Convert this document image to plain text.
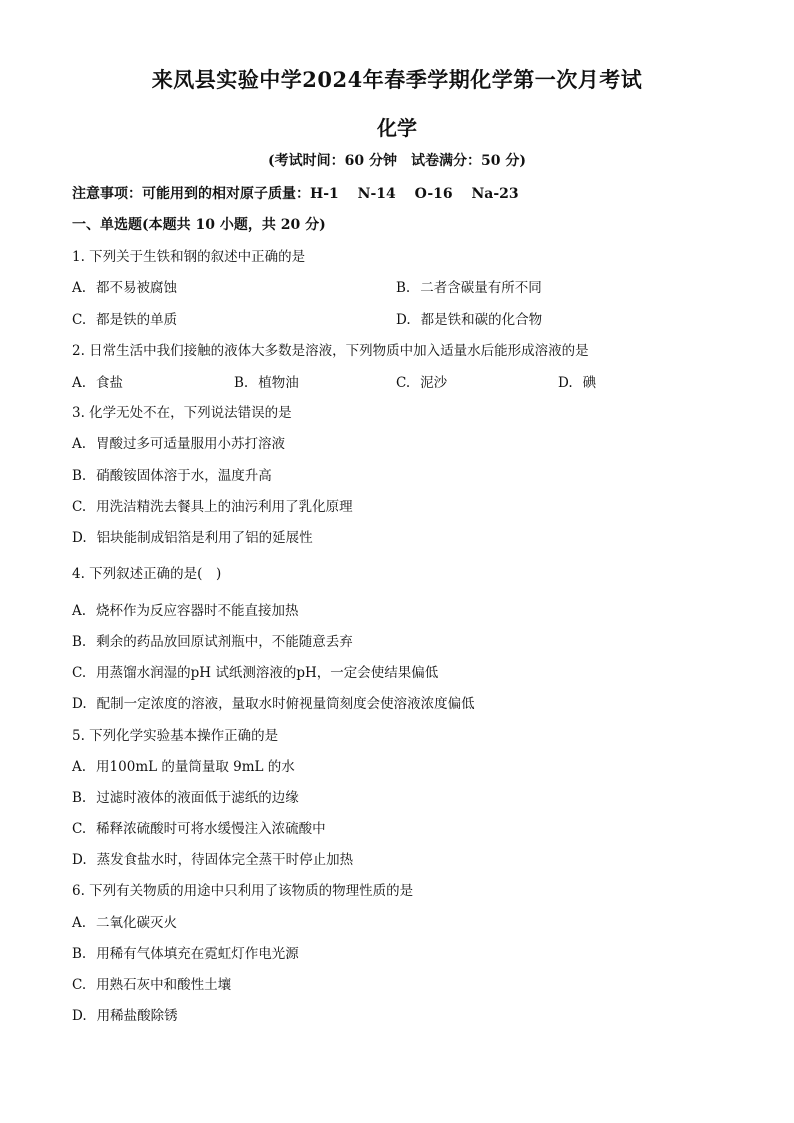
来凤县实验中学2024年春季学期化学第一次月考试
化学
(考试时间：60 分钟　试卷满分：50 分)
注意事项：可能用到的相对原子质量：H-1　 N-14　 O-16　 Na-23
一、单选题(本题共 10 小题，共 20 分)
1. 下列关于生铁和钢的叙述中正确的是
A. 都不易被腐蚀	B. 二者含碳量有所不同
C. 都是铁的单质	D. 都是铁和碳的化合物
2. 日常生活中我们接触的液体大多数是溶液，下列物质中加入适量水后能形成溶液的是
A. 食盐	B. 植物油	C. 泥沙	D. 碘
3. 化学无处不在，下列说法错误的是
A. 胃酸过多可适量服用小苏打溶液
B. 硝酸铵固体溶于水，温度升高
C. 用洗洁精洗去餐具上的油污利用了乳化原理
D. 铝块能制成铝箔是利用了铝的延展性
4. 下列叙述正确的是(　)
A. 烧杯作为反应容器时不能直接加热
B. 剩余的药品放回原试剂瓶中，不能随意丢弃
C. 用蒸馏水润湿的pH 试纸测溶液的pH，一定会使结果偏低
D. 配制一定浓度的溶液，量取水时俯视量筒刻度会使溶液浓度偏低
5. 下列化学实验基本操作正确的是
A. 用100mL 的量筒量取 9mL 的水
B. 过滤时液体的液面低于滤纸的边缘
C. 稀释浓硫酸时可将水缓慢注入浓硫酸中
D. 蒸发食盐水时，待固体完全蒸干时停止加热
6. 下列有关物质的用途中只利用了该物质的物理性质的是
A. 二氧化碳灭火
B. 用稀有气体填充在霓虹灯作电光源
C. 用熟石灰中和酸性土壤
D. 用稀盐酸除锈
